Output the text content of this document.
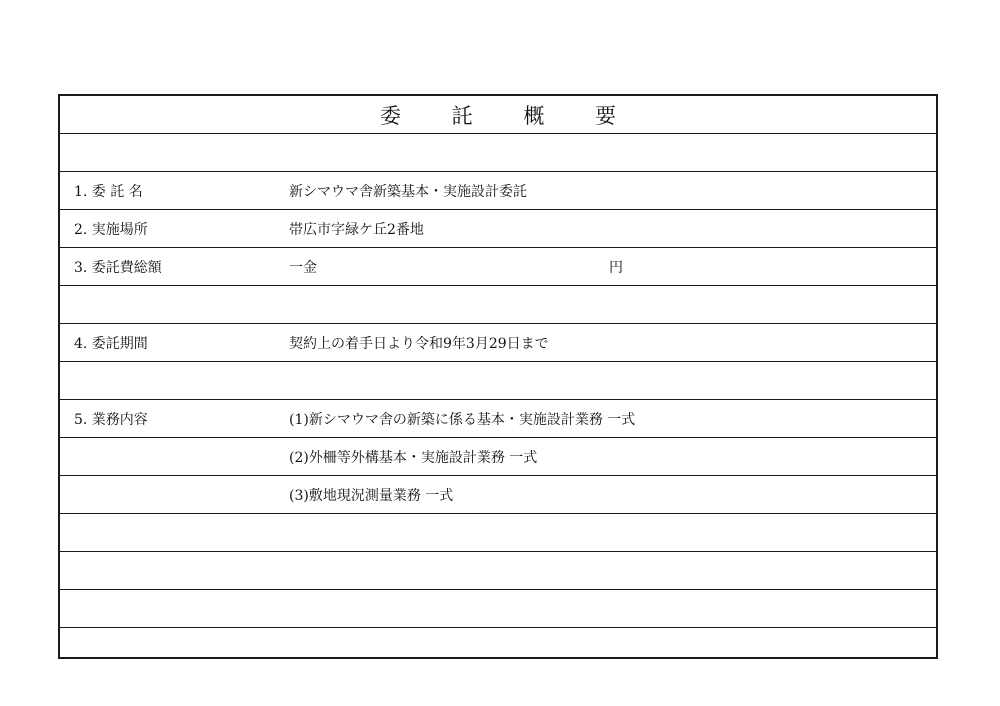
委 託 概 要
1. 委 託 名	新シマウマ舎新築基本・実施設計委託
2. 実施場所	帯広市字緑ケ丘2番地
3. 委託費総額	一金	円
4. 委託期間	契約上の着手日より令和9年3月29日まで
5. 業務内容	(1)新シマウマ舎の新築に係る基本・実施設計業務 一式
(2)外柵等外構基本・実施設計業務 一式
(3)敷地現況測量業務 一式
